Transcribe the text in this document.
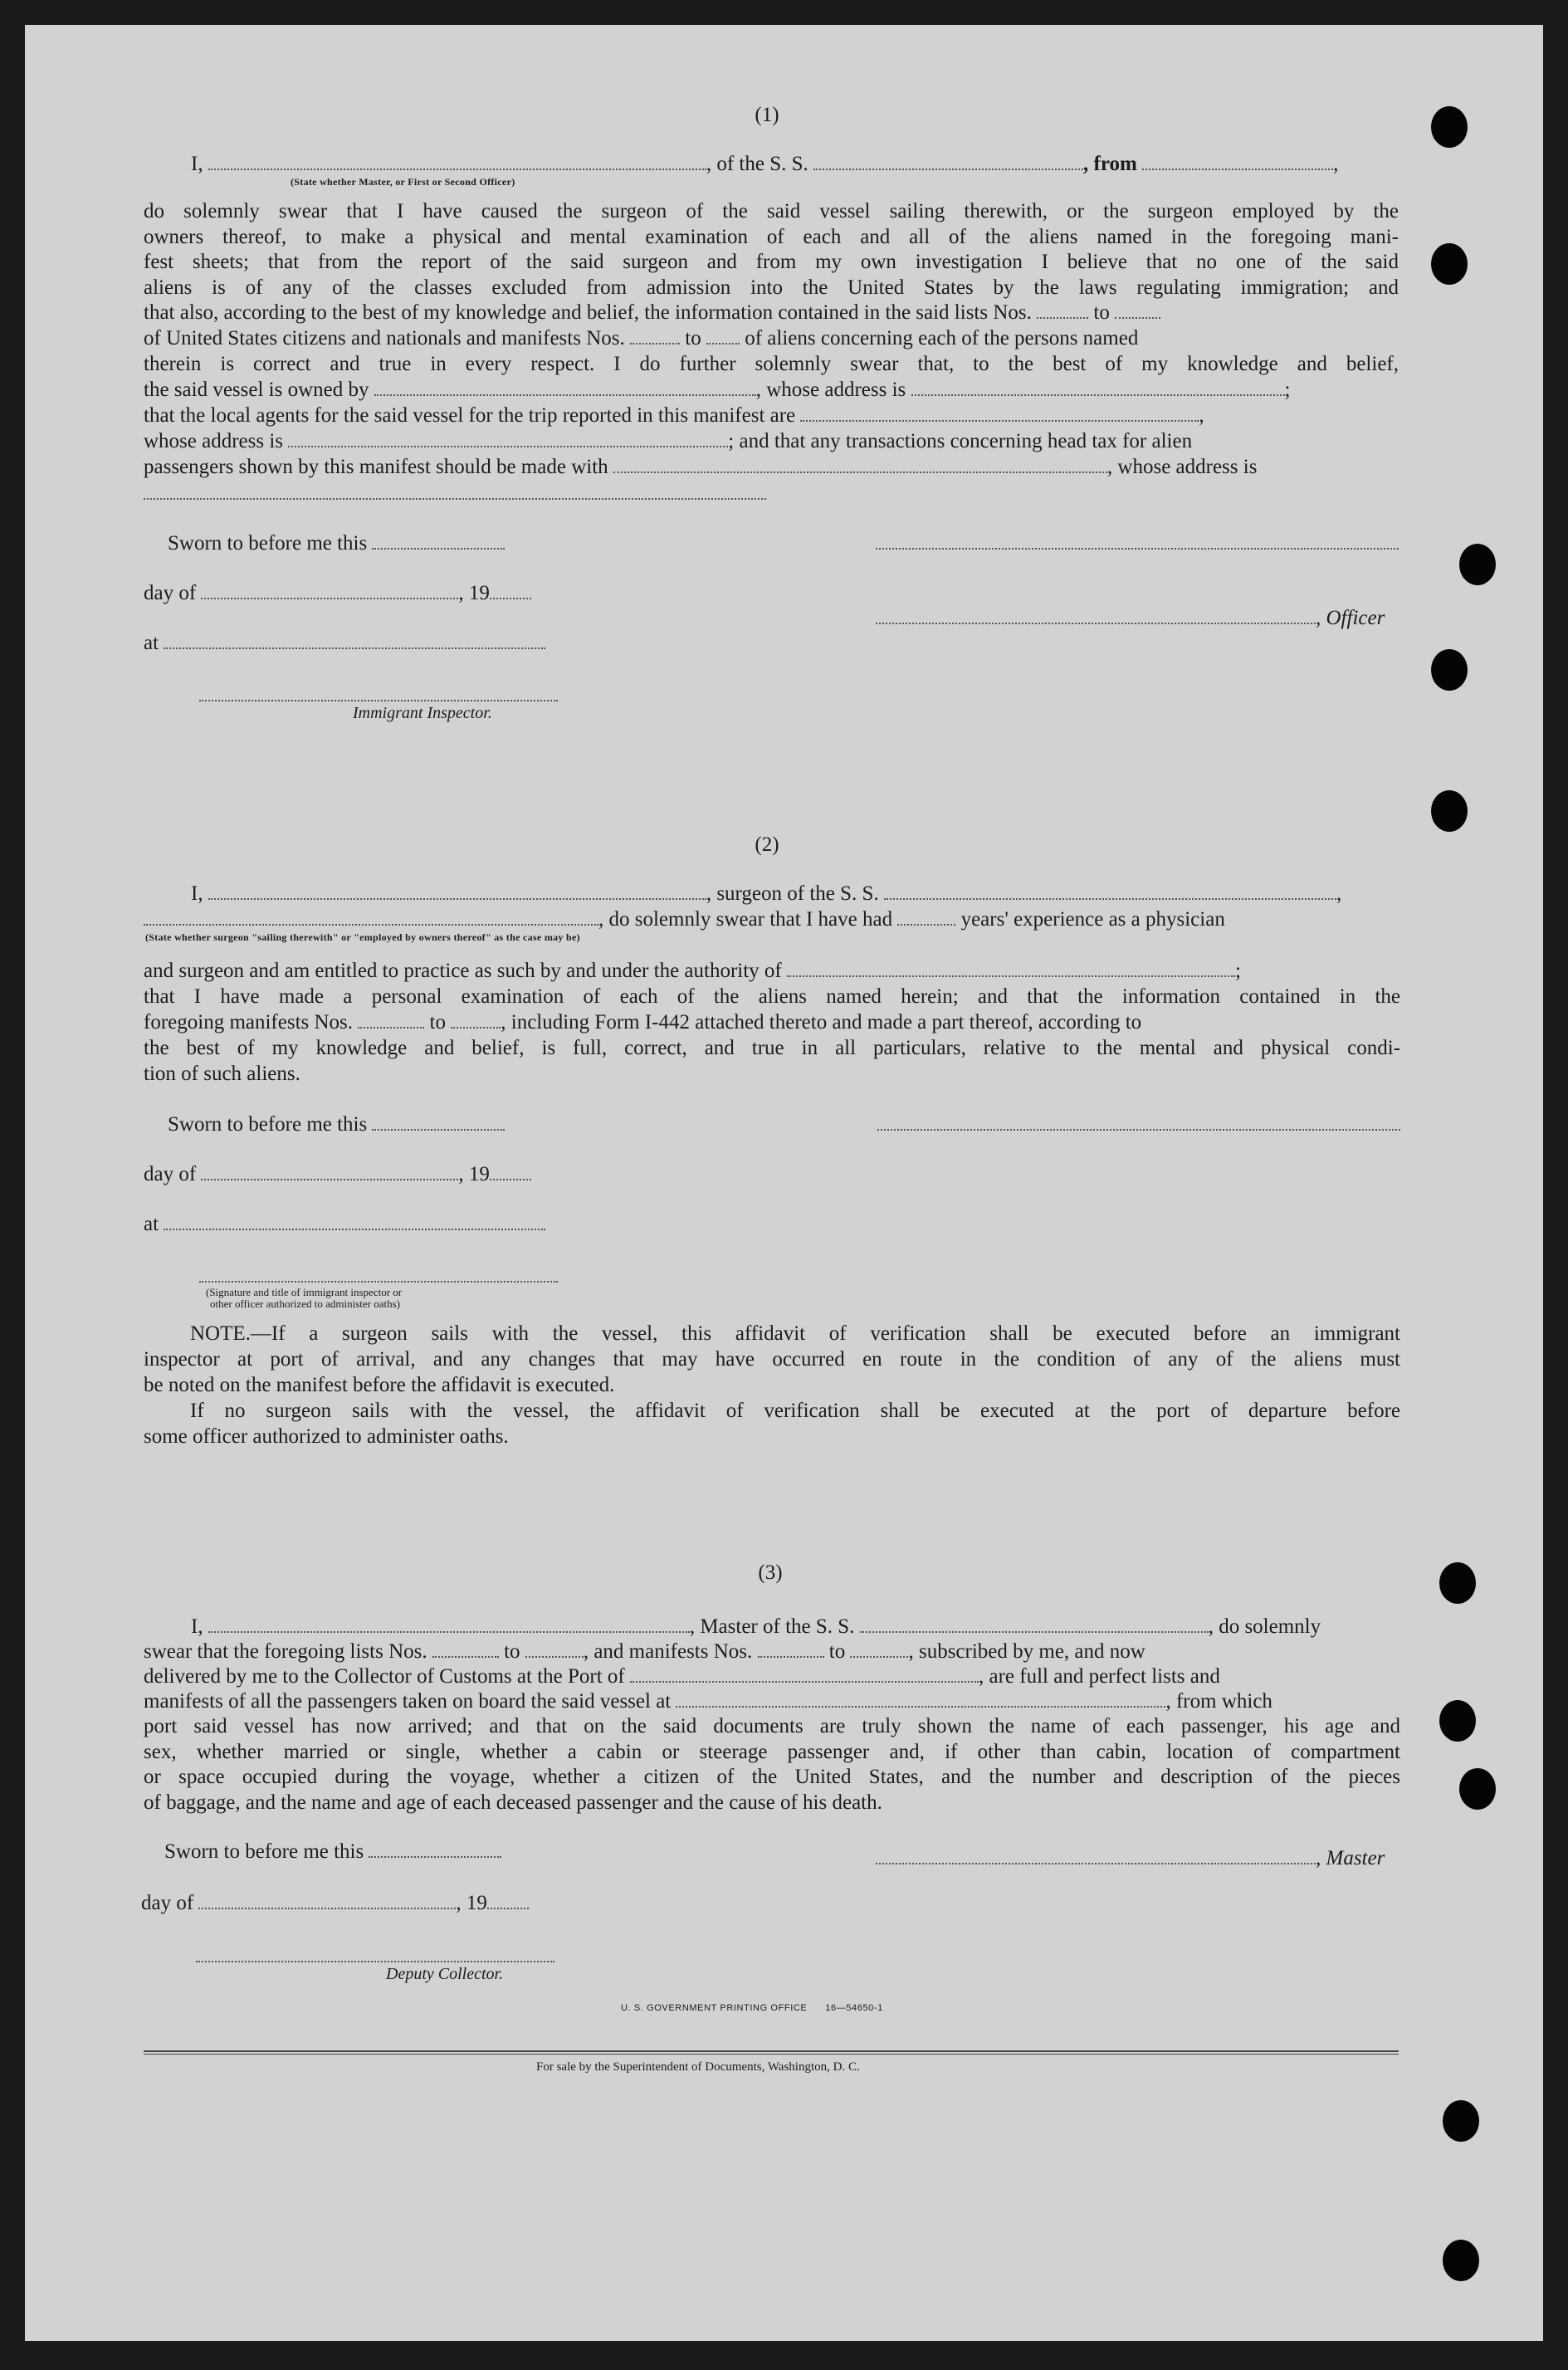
(1)
I,	, of the S. S.	, from	,
(State whether Master, or First or Second Officer)
do solemnly swear that I have caused the surgeon of the said vessel sailing therewith, or the surgeon employed by the
owners thereof, to make a physical and mental examination of each and all of the aliens named in the foregoing mani-
fest sheets; that from the report of the said surgeon and from my own investigation I believe that no one of the said
aliens is of any of the classes excluded from admission into the United States by the laws regulating immigration; and
that also, according to the best of my knowledge and belief, the information contained in the said lists Nos.	to
of United States citizens and nationals and manifests Nos.	to of aliens concerning each of the persons named
therein is correct and true in every respect. I do further solemnly swear that, to the best of my knowledge and belief,
the said vessel is owned by	, whose address is	;
that the local agents for the said vessel for the trip reported in this manifest are	,
whose address is	; and that any transactions concerning head tax for alien
passengers shown by this manifest should be made with	, whose address is
Sworn to before me this
day of	, 19
, Officer
at
Immigrant Inspector.
(2)
I,	, surgeon of the S. S.	,
, do solemnly swear that I have had	years' experience as a physician
(State whether surgeon "sailing therewith" or "employed by owners thereof" as the case may be)
and surgeon and am entitled to practice as such by and under the authority of	;
that I have made a personal examination of each of the aliens named herein; and that the information contained in the
foregoing manifests Nos.	to	, including Form I-442 attached thereto and made a part thereof, according to
the best of my knowledge and belief, is full, correct, and true in all particulars, relative to the mental and physical condi-
tion of such aliens.
Sworn to before me this
day of	, 19
at
(Signature and title of immigrant inspector or
other officer authorized to administer oaths)
NOTE.—If a surgeon sails with the vessel, this affidavit of verification shall be executed before an immigrant
inspector at port of arrival, and any changes that may have occurred en route in the condition of any of the aliens must
be noted on the manifest before the affidavit is executed.
If no surgeon sails with the vessel, the affidavit of verification shall be executed at the port of departure before
some officer authorized to administer oaths.
(3)
I,	, Master of the S. S.	, do solemnly
swear that the foregoing lists Nos.	to	, and manifests Nos.	to	, subscribed by me, and now
delivered by me to the Collector of Customs at the Port of	, are full and perfect lists and
manifests of all the passengers taken on board the said vessel at	, from which
port said vessel has now arrived; and that on the said documents are truly shown the name of each passenger, his age and
sex, whether married or single, whether a cabin or steerage passenger and, if other than cabin, location of compartment
or space occupied during the voyage, whether a citizen of the United States, and the number and description of the pieces
of baggage, and the name and age of each deceased passenger and the cause of his death.
Sworn to before me this	, Master
day of	, 19
Deputy Collector.
U. S. GOVERNMENT PRINTING OFFICE      16—54650-1
For sale by the Superintendent of Documents, Washington, D. C.
